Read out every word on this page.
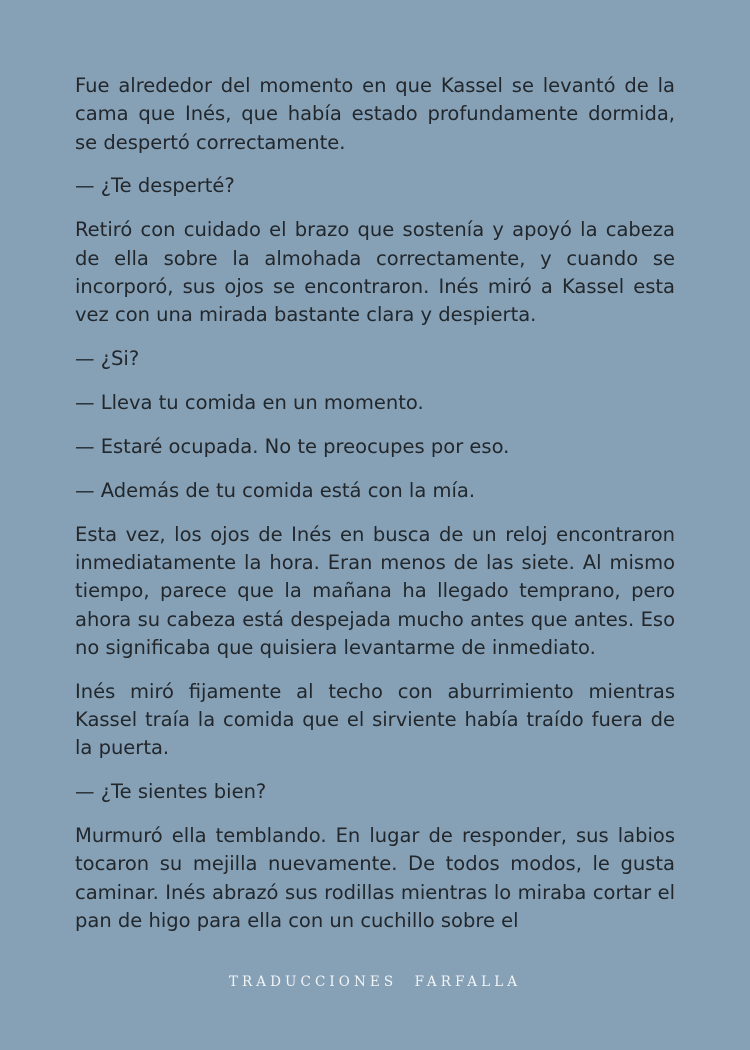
Fue alrededor del momento en que Kassel se levantó de la cama que Inés, que había estado profundamente dormida, se despertó correctamente.

— ¿Te desperté?

Retiró con cuidado el brazo que sostenía y apoyó la cabeza de ella sobre la almohada correctamente, y cuando se incorporó, sus ojos se encontraron. Inés miró a Kassel esta vez con una mirada bastante clara y despierta.

— ¿Si?

— Lleva tu comida en un momento.

— Estaré ocupada. No te preocupes por eso.

— Además de tu comida está con la mía.

Esta vez, los ojos de Inés en busca de un reloj encontraron inmediatamente la hora. Eran menos de las siete. Al mismo tiempo, parece que la mañana ha llegado temprano, pero ahora su cabeza está despejada mucho antes que antes. Eso no significaba que quisiera levantarme de inmediato.

Inés miró fijamente al techo con aburrimiento mientras Kassel traía la comida que el sirviente había traído fuera de la puerta.

— ¿Te sientes bien?

Murmuró ella temblando. En lugar de responder, sus labios tocaron su mejilla nuevamente. De todos modos, le gusta caminar. Inés abrazó sus rodillas mientras lo miraba cortar el pan de higo para ella con un cuchillo sobre el

TRADUCCIONES FARFALLA
